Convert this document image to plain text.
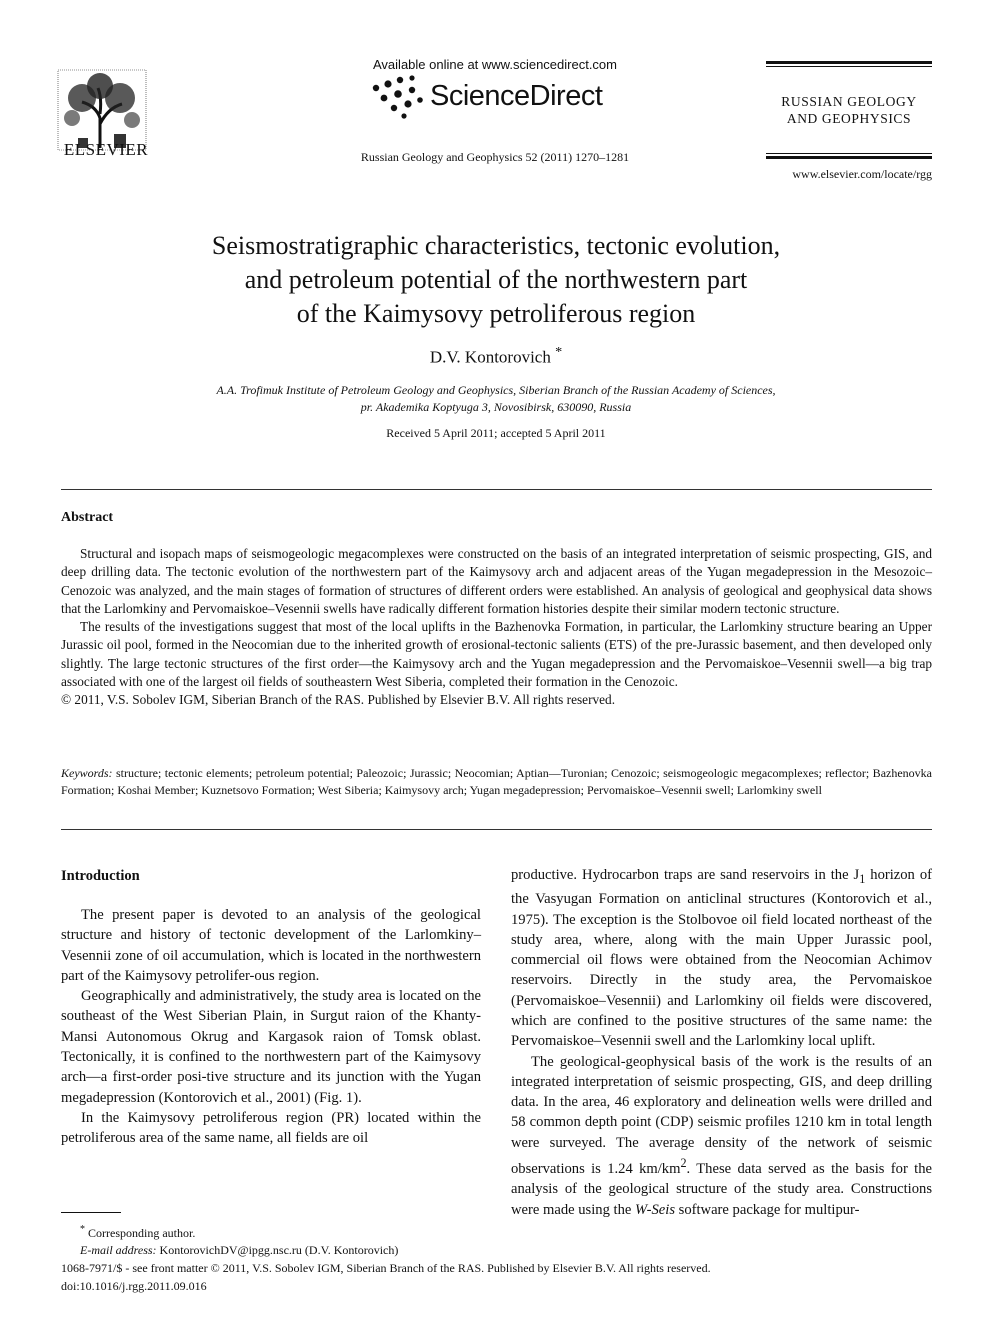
ELSEVIER
Available online at www.sciencedirect.com
ScienceDirect
Russian Geology and Geophysics 52 (2011) 1270–1281
RUSSIAN GEOLOGY
AND GEOPHYSICS
www.elsevier.com/locate/rgg
Seismostratigraphic characteristics, tectonic evolution,
and petroleum potential of the northwestern part
of the Kaimysovy petroliferous region
D.V. Kontorovich *
A.A. Trofimuk Institute of Petroleum Geology and Geophysics, Siberian Branch of the Russian Academy of Sciences,
pr. Akademika Koptyuga 3, Novosibirsk, 630090, Russia
Received 5 April 2011; accepted 5 April 2011
Abstract

Structural and isopach maps of seismogeologic megacomplexes were constructed on the basis of an integrated interpretation of seismic prospecting, GIS, and deep drilling data. The tectonic evolution of the northwestern part of the Kaimysovy arch and adjacent areas of the Yugan megadepression in the Mesozoic–Cenozoic was analyzed, and the main stages of formation of structures of different orders were established. An analysis of geological and geophysical data shows that the Larlomkiny and Pervomaiskoe–Vesennii swells have radically different formation histories despite their similar modern tectonic structure.

The results of the investigations suggest that most of the local uplifts in the Bazhenovka Formation, in particular, the Larlomkiny structure bearing an Upper Jurassic oil pool, formed in the Neocomian due to the inherited growth of erosional-tectonic salients (ETS) of the pre-Jurassic basement, and then developed only slightly. The large tectonic structures of the first order—the Kaimysovy arch and the Yugan megadepression and the Pervomaiskoe–Vesennii swell—a big trap associated with one of the largest oil fields of southeastern West Siberia, completed their formation in the Cenozoic.

© 2011, V.S. Sobolev IGM, Siberian Branch of the RAS. Published by Elsevier B.V. All rights reserved.

Keywords: structure; tectonic elements; petroleum potential; Paleozoic; Jurassic; Neocomian; Aptian—Turonian; Cenozoic; seismogeologic megacomplexes; reflector; Bazhenovka Formation; Koshai Member; Kuznetsovo Formation; West Siberia; Kaimysovy arch; Yugan megadepression; Pervomaiskoe–Vesennii swell; Larlomkiny swell
Introduction

The present paper is devoted to an analysis of the geological structure and history of tectonic development of the Larlomkiny–Vesennii zone of oil accumulation, which is located in the northwestern part of the Kaimysovy petrolifer-ous region.

Geographically and administratively, the study area is located on the southeast of the West Siberian Plain, in Surgut raion of the Khanty-Mansi Autonomous Okrug and Kargasok raion of Tomsk oblast. Tectonically, it is confined to the northwestern part of the Kaimysovy arch—a first-order posi-tive structure and its junction with the Yugan megadepression (Kontorovich et al., 2001) (Fig. 1).

In the Kaimysovy petroliferous region (PR) located within the petroliferous area of the same name, all fields are oil

productive. Hydrocarbon traps are sand reservoirs in the $J_1$ horizon of the Vasyugan Formation on anticlinal structures (Kontorovich et al., 1975). The exception is the Stolbovoe oil field located northeast of the study area, where, along with the main Upper Jurassic pool, commercial oil flows were obtained from the Neocomian Achimov reservoirs. Directly in the study area, the Pervomaiskoe (Pervomaiskoe–Vesennii) and Larlomkiny oil fields were discovered, which are confined to the positive structures of the same name: the Pervomaiskoe–Vesennii swell and the Larlomkiny local uplift.

The geological-geophysical basis of the work is the results of an integrated interpretation of seismic prospecting, GIS, and deep drilling data. In the area, 46 exploratory and delineation wells were drilled and 58 common depth point (CDP) seismic profiles 1210 km in total length were surveyed. The average density of the network of seismic observations is 1.24 $km/km^2$. These data served as the basis for the analysis of the geological structure of the study area. Constructions were made using the W-Seis software package for multipur-

* Corresponding author.
E-mail address: KontorovichDV@ipgg.nsc.ru (D.V. Kontorovich)
1068-7971/$ - see front matter © 2011, V.S. Sobolev IGM, Siberian Branch of the RAS. Published by Elsevier B.V. All rights reserved.
doi:10.1016/j.rgg.2011.09.016
